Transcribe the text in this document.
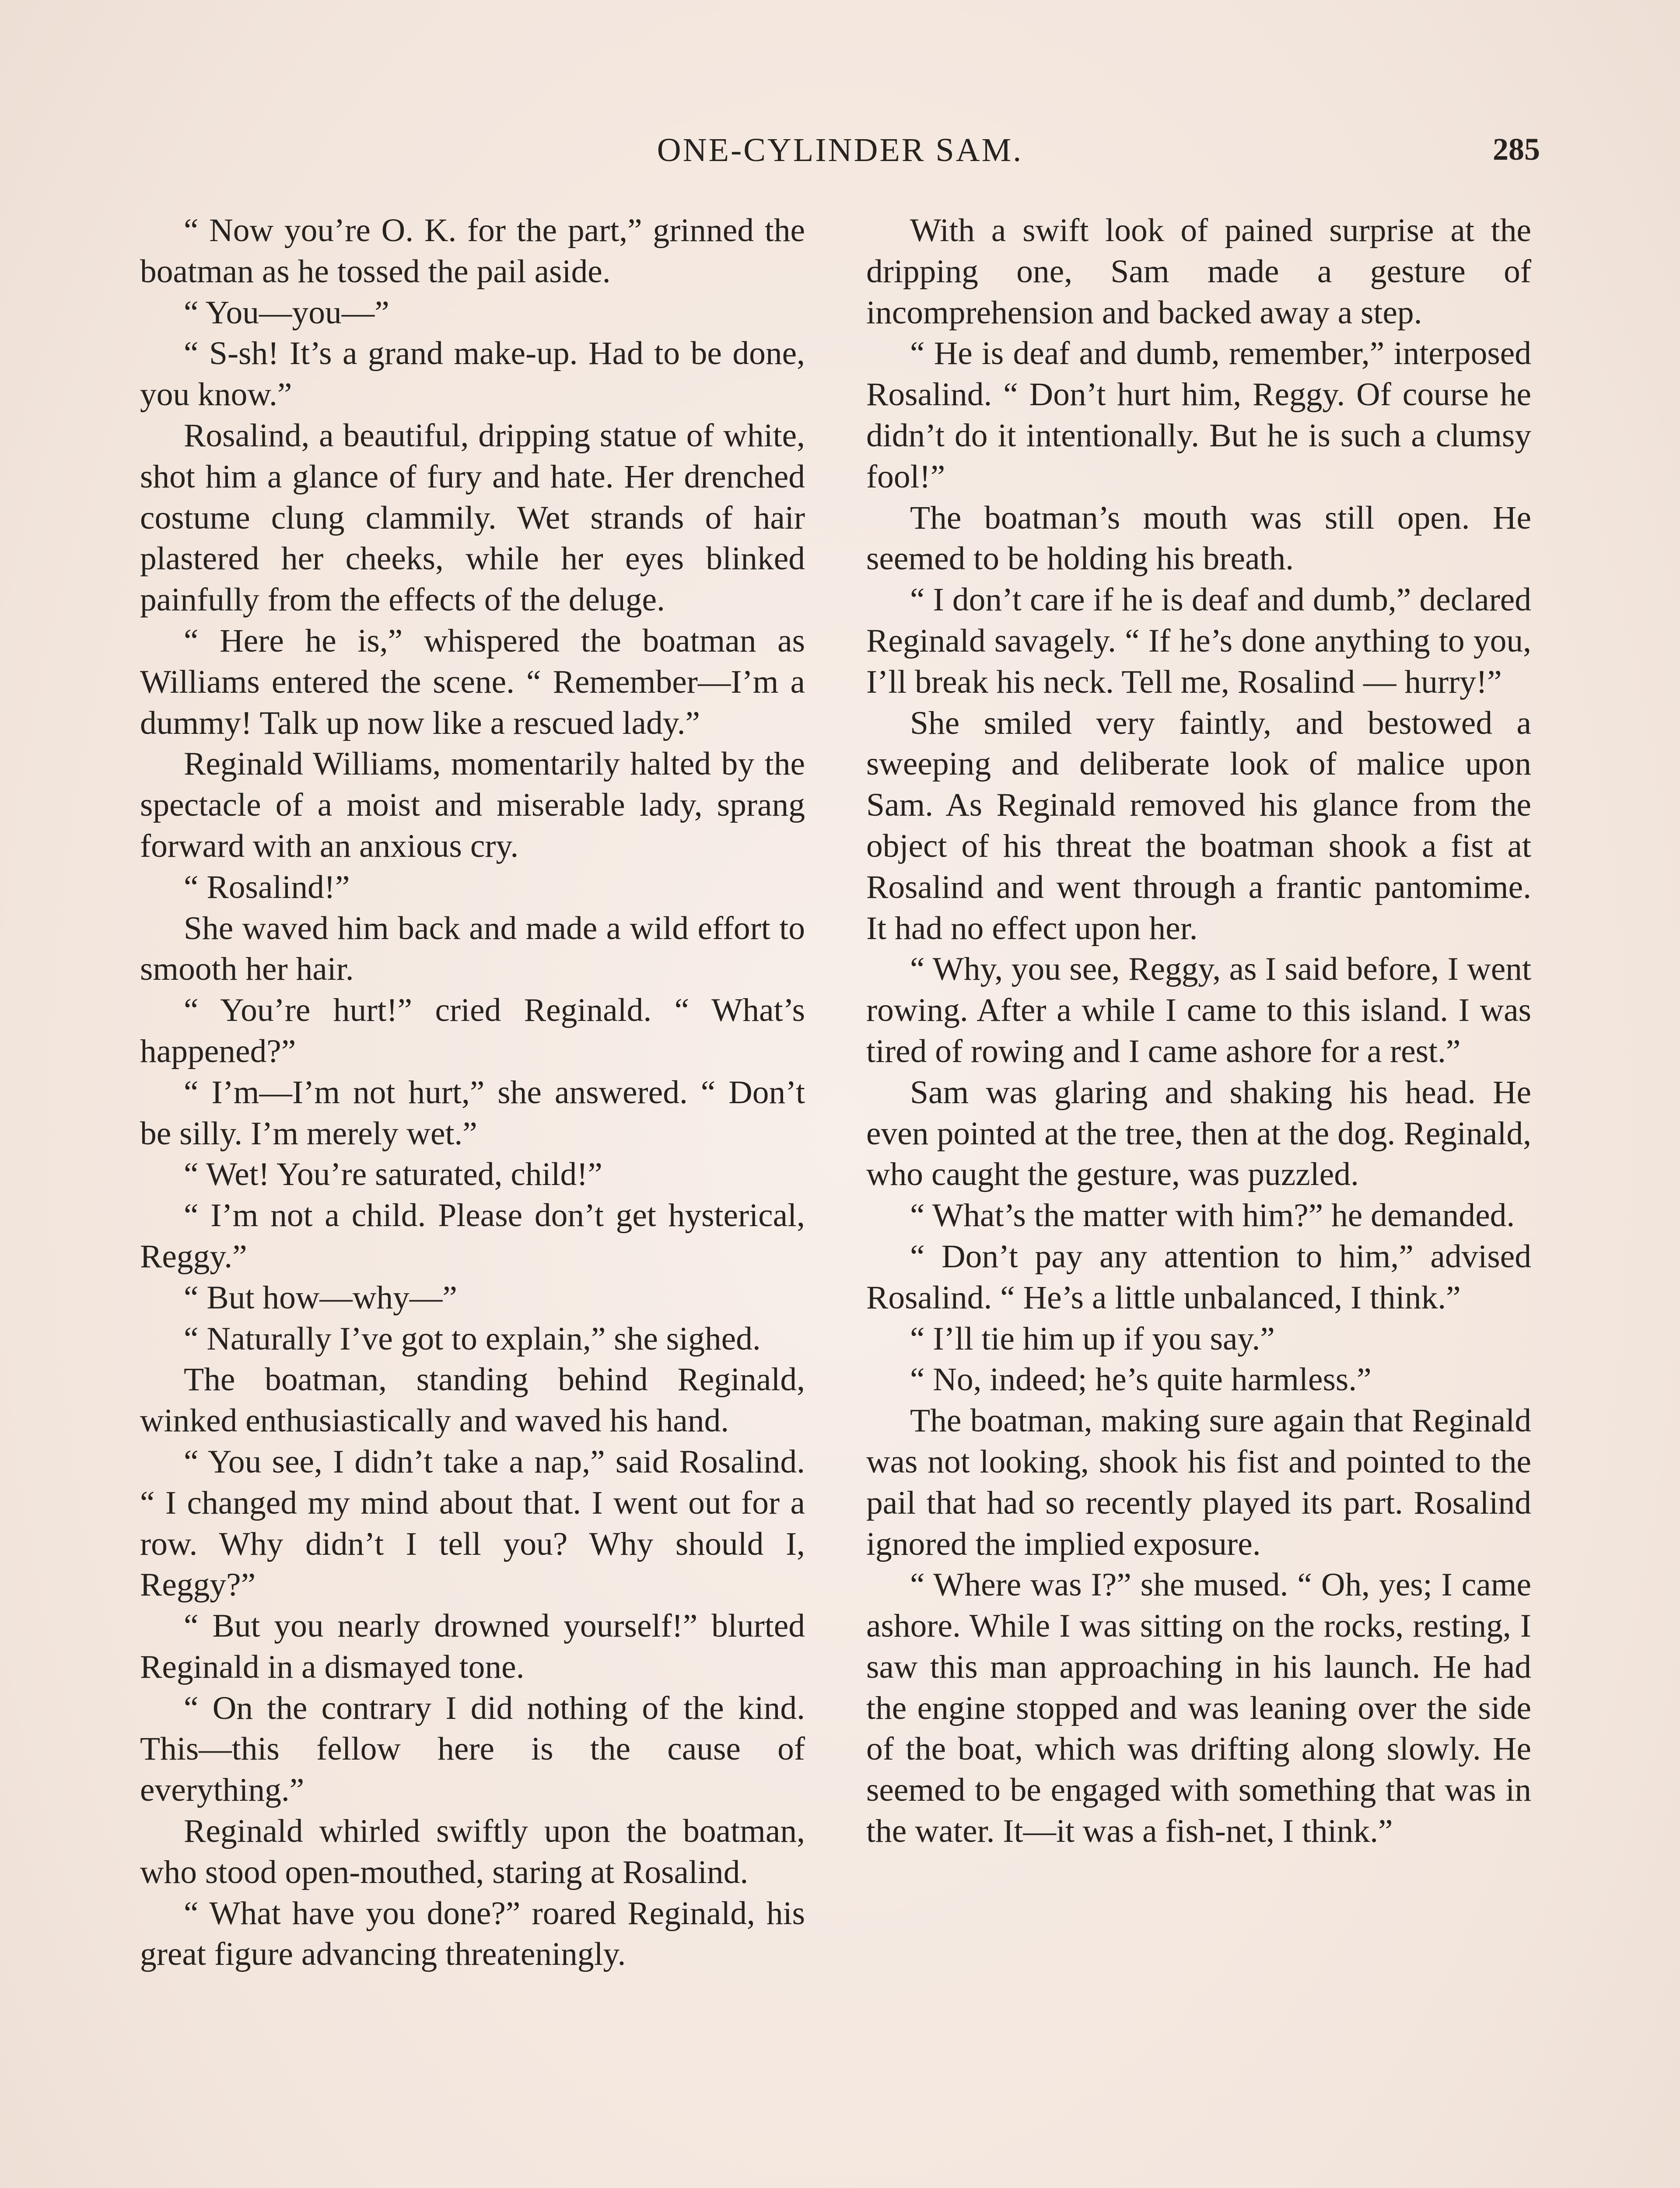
ONE-CYLINDER SAM.	285

“ Now you’re O. K. for the part,” grinned the boatman as he tossed the pail aside.

“ You—you—”

“ S-sh! It’s a grand make-up. Had to be done, you know.”

Rosalind, a beautiful, dripping statue of white, shot him a glance of fury and hate. Her drenched costume clung clammily. Wet strands of hair plastered her cheeks, while her eyes blinked painfully from the effects of the deluge.

“ Here he is,” whispered the boatman as Williams entered the scene. “ Remember—I’m a dummy! Talk up now like a rescued lady.”

Reginald Williams, momentarily halted by the spectacle of a moist and miserable lady, sprang forward with an anxious cry.

“ Rosalind!”

She waved him back and made a wild effort to smooth her hair.

“ You’re hurt!” cried Reginald. “ What’s happened?”

“ I’m—I’m not hurt,” she answered. “ Don’t be silly. I’m merely wet.”

“ Wet! You’re saturated, child!”

“ I’m not a child. Please don’t get hysterical, Reggy.”

“ But how—why—”

“ Naturally I’ve got to explain,” she sighed.

The boatman, standing behind Reginald, winked enthusiastically and waved his hand.

“ You see, I didn’t take a nap,” said Rosalind. “ I changed my mind about that. I went out for a row. Why didn’t I tell you? Why should I, Reggy?”

“ But you nearly drowned yourself!” blurted Reginald in a dismayed tone.

“ On the contrary I did nothing of the kind. This—this fellow here is the cause of everything.”

Reginald whirled swiftly upon the boatman, who stood open-mouthed, staring at Rosalind.

“ What have you done?” roared Reginald, his great figure advancing threateningly.

With a swift look of pained surprise at the dripping one, Sam made a gesture of incomprehension and backed away a step.

“ He is deaf and dumb, remember,” interposed Rosalind. “ Don’t hurt him, Reggy. Of course he didn’t do it intentionally. But he is such a clumsy fool!”

The boatman’s mouth was still open. He seemed to be holding his breath.

“ I don’t care if he is deaf and dumb,” declared Reginald savagely. “ If he’s done anything to you, I’ll break his neck. Tell me, Rosalind — hurry!”

She smiled very faintly, and bestowed a sweeping and deliberate look of malice upon Sam. As Reginald removed his glance from the object of his threat the boatman shook a fist at Rosalind and went through a frantic pantomime. It had no effect upon her.

“ Why, you see, Reggy, as I said before, I went rowing. After a while I came to this island. I was tired of rowing and I came ashore for a rest.”

Sam was glaring and shaking his head. He even pointed at the tree, then at the dog. Reginald, who caught the gesture, was puzzled.

“ What’s the matter with him?” he demanded.

“ Don’t pay any attention to him,” advised Rosalind. “ He’s a little unbalanced, I think.”

“ I’ll tie him up if you say.”

“ No, indeed; he’s quite harmless.”

The boatman, making sure again that Reginald was not looking, shook his fist and pointed to the pail that had so recently played its part. Rosalind ignored the implied exposure.

“ Where was I?” she mused. “ Oh, yes; I came ashore. While I was sitting on the rocks, resting, I saw this man approaching in his launch. He had the engine stopped and was leaning over the side of the boat, which was drifting along slowly. He seemed to be engaged with something that was in the water. It—it was a fish-net, I think.”
